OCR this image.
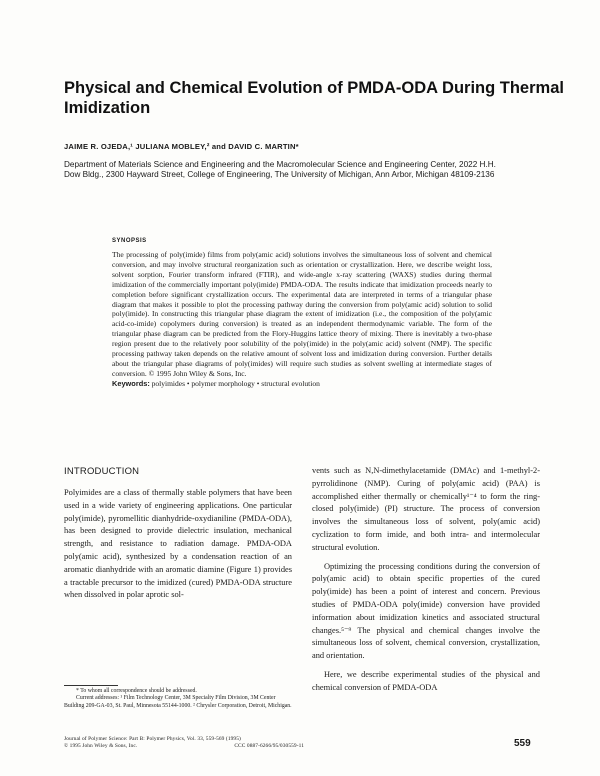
Physical and Chemical Evolution of PMDA-ODA During Thermal Imidization
JAIME R. OJEDA,¹ JULIANA MOBLEY,² and DAVID C. MARTIN*
Department of Materials Science and Engineering and the Macromolecular Science and Engineering Center, 2022 H.H. Dow Bldg., 2300 Hayward Street, College of Engineering, The University of Michigan, Ann Arbor, Michigan 48109-2136
SYNOPSIS

The processing of poly(imide) films from poly(amic acid) solutions involves the simultaneous loss of solvent and chemical conversion, and may involve structural reorganization such as orientation or crystallization. Here, we describe weight loss, solvent sorption, Fourier transform infrared (FTIR), and wide-angle x-ray scattering (WAXS) studies during thermal imidization of the commercially important poly(imide) PMDA-ODA. The results indicate that imidization proceeds nearly to completion before significant crystallization occurs. The experimental data are interpreted in terms of a triangular phase diagram that makes it possible to plot the processing pathway during the conversion from poly(amic acid) solution to solid poly(imide). In constructing this triangular phase diagram the extent of imidization (i.e., the composition of the poly(amic acid-co-imide) copolymers during conversion) is treated as an independent thermodynamic variable. The form of the triangular phase diagram can be predicted from the Flory-Huggins lattice theory of mixing. There is inevitably a two-phase region present due to the relatively poor solubility of the poly(imide) in the poly(amic acid) solvent (NMP). The specific processing pathway taken depends on the relative amount of solvent loss and imidization during conversion. Further details about the triangular phase diagrams of poly(imides) will require such studies as solvent swelling at intermediate stages of conversion. © 1995 John Wiley & Sons, Inc.

Keywords: polyimides • polymer morphology • structural evolution

INTRODUCTION

Polyimides are a class of thermally stable polymers that have been used in a wide variety of engineering applications. One particular poly(imide), pyromellitic dianhydride-oxydianiline (PMDA-ODA), has been designed to provide dielectric insulation, mechanical strength, and resistance to radiation damage. PMDA-ODA poly(amic acid), synthesized by a condensation reaction of an aromatic dianhydride with an aromatic diamine (Figure 1) provides a tractable precursor to the imidized (cured) PMDA-ODA structure when dissolved in polar aprotic sol-

vents such as N,N-dimethylacetamide (DMAc) and 1-methyl-2-pyrrolidinone (NMP). Curing of poly(amic acid) (PAA) is accomplished either thermally or chemically¹⁻⁴ to form the ring-closed poly(imide) (PI) structure. The process of conversion involves the simultaneous loss of solvent, poly(amic acid) cyclization to form imide, and both intra- and intermolecular structural evolution.

Optimizing the processing conditions during the conversion of poly(amic acid) to obtain specific properties of the cured poly(imide) has been a point of interest and concern. Previous studies of PMDA-ODA poly(imide) conversion have provided information about imidization kinetics and associated structural changes.⁵⁻⁹ The physical and chemical changes involve the simultaneous loss of solvent, chemical conversion, crystallization, and orientation.

Here, we describe experimental studies of the physical and chemical conversion of PMDA-ODA

* To whom all correspondence should be addressed.

Current addresses: ¹ Film Technology Center, 3M Specialty Film Division, 3M Center Building 209-GA-03, St. Paul, Minnesota 55144-1000. ² Chrysler Corporation, Detroit, Michigan.

Journal of Polymer Science: Part B: Polymer Physics, Vol. 33, 559-569 (1995)
© 1995 John Wiley & Sons, Inc.	CCC 0887-6266/95/030559-11	559
